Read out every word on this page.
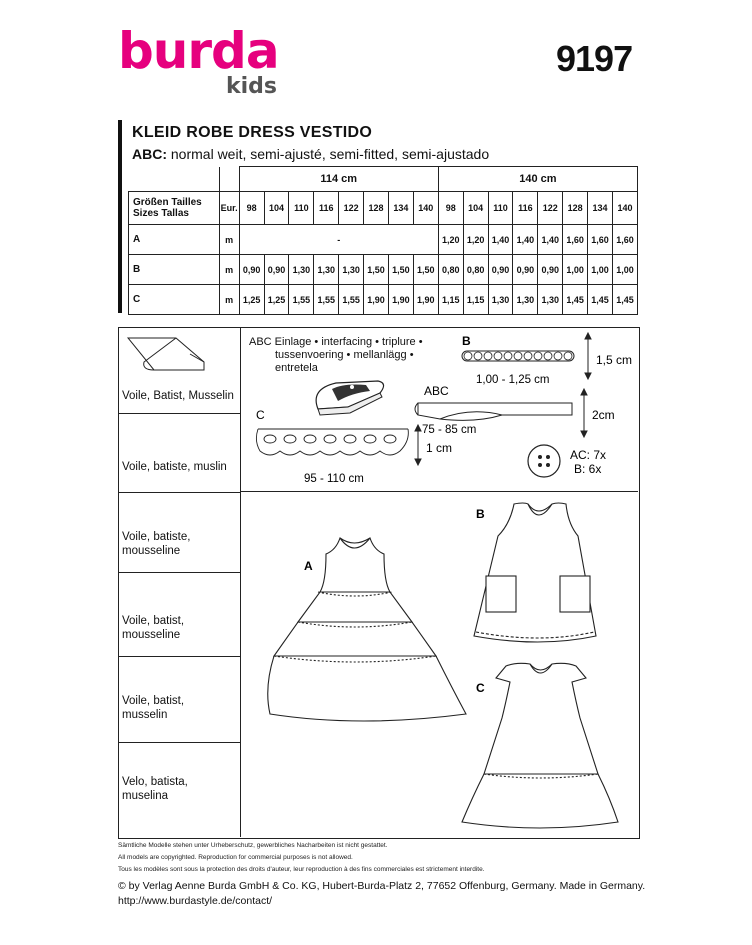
burda
kids
9197
KLEID ROBE DRESS VESTIDO
ABC: normal weit, semi-ajusté, semi-fitted, semi-ajustado
		114 cm								140 cm							

Größen Tailles
Sizes Tallas	Eur.	98	104	110	116	122	128	134	140	98	104	110	116	122	128	134	140
A	m	-								1,20	1,20	1,40	1,40	1,40	1,60	1,60	1,60
B	m	0,90	0,90	1,30	1,30	1,30	1,50	1,50	1,50	0,80	0,80	0,90	0,90	0,90	1,00	1,00	1,00
C	m	1,25	1,25	1,55	1,55	1,55	1,90	1,90	1,90	1,15	1,15	1,30	1,30	1,30	1,45	1,45	1,45
Voile, Batist, Musselin
Voile, batiste, muslin
Voile, batiste, mousseline
Voile, batist, mousseline
Voile, batist, musselin
Velo, batista, muselina
ABC Einlage • interfacing • triplure •
tussenvoering • mellanlägg •
entretela
B
1,5 cm
1,00 - 1,25 cm
ABC
2cm
75 - 85 cm
C
1 cm
95 - 110 cm
AC: 7x
B: 6x
A
B
C
Sämtliche Modelle stehen unter Urheberschutz, gewerbliches Nacharbeiten ist nicht gestattet.
All models are copyrighted. Reproduction for commercial purposes is not allowed.
Tous les modèles sont sous la protection des droits d'auteur, leur reproduction à des fins commerciales est strictement interdite.
© by Verlag Aenne Burda GmbH & Co. KG, Hubert-Burda-Platz 2, 77652 Offenburg, Germany. Made in Germany.
http://www.burdastyle.de/contact/
